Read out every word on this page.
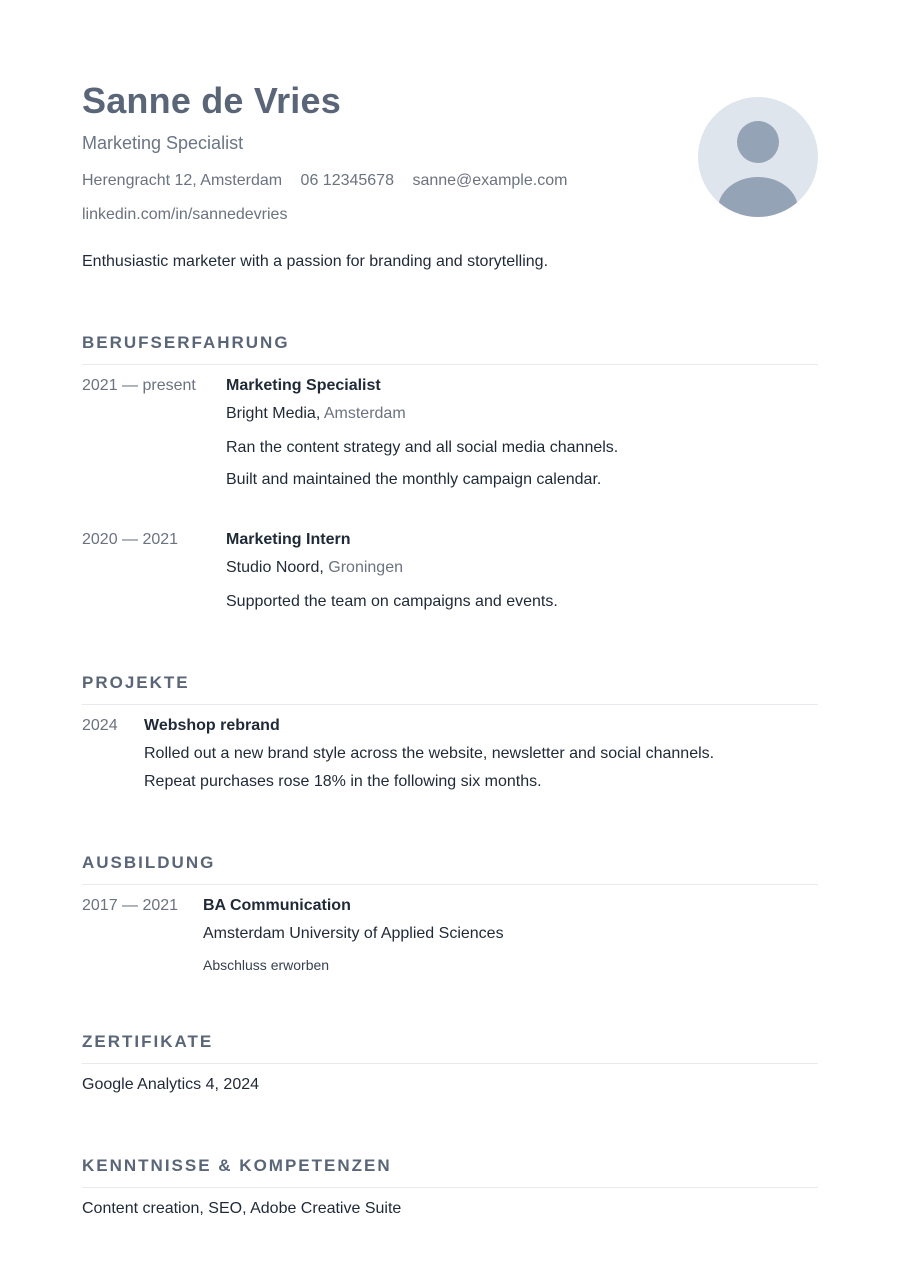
Sanne de Vries
Marketing Specialist
Herengracht 12, Amsterdam 06 12345678 sanne@example.com
linkedin.com/in/sannedevries
Enthusiastic marketer with a passion for branding and storytelling.
BERUFSERFAHRUNG
2021 — present Marketing Specialist
Bright Media, Amsterdam
Ran the content strategy and all social media channels.
Built and maintained the monthly campaign calendar.
2020 — 2021	Marketing Intern
Studio Noord, Groningen
Supported the team on campaigns and events.
PROJEKTE
2024 Webshop rebrand
Rolled out a new brand style across the website, newsletter and social channels.
Repeat purchases rose 18% in the following six months.
AUSBILDUNG
2017 — 2021 BA Communication
Amsterdam University of Applied Sciences
Abschluss erworben
ZERTIFIKATE
Google Analytics 4, 2024
KENNTNISSE & KOMPETENZEN
Content creation, SEO, Adobe Creative Suite
